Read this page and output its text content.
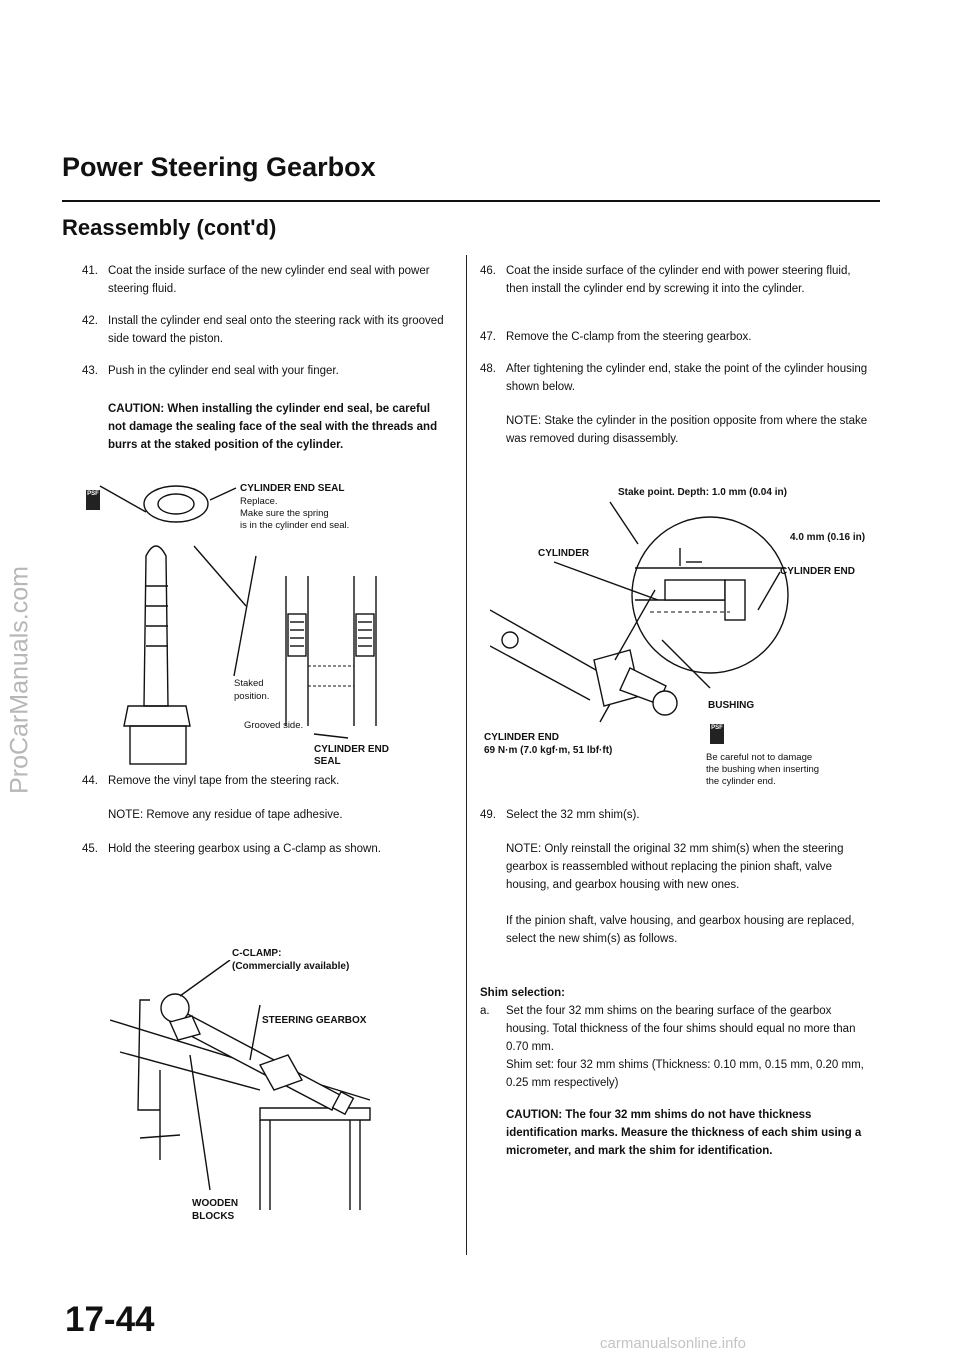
Power Steering Gearbox
Reassembly (cont'd)
ProCarManuals.com
41. Coat the inside surface of the new cylinder end seal with power steering fluid.
42. Install the cylinder end seal onto the steering rack with its grooved side toward the piston.
43. Push in the cylinder end seal with your finger.
CAUTION: When installing the cylinder end seal, be careful not damage the sealing face of the seal with the threads and burrs at the staked position of the cylinder.
PSF	CYLINDER END SEAL
Replace.
Make sure the spring
is in the cylinder end seal.
Staked
position.
Grooved side.
CYLINDER END
SEAL
44. Remove the vinyl tape from the steering rack.
NOTE: Remove any residue of tape adhesive.
45. Hold the steering gearbox using a C-clamp as shown.
C-CLAMP:
(Commercially available)
STEERING GEARBOX
WOODEN
BLOCKS
46. Coat the inside surface of the cylinder end with power steering fluid, then install the cylinder end by screwing it into the cylinder.
47. Remove the C-clamp from the steering gearbox.
48. After tightening the cylinder end, stake the point of the cylinder housing shown below.
NOTE: Stake the cylinder in the position opposite from where the stake was removed during disassembly.
Stake point. Depth: 1.0 mm (0.04 in)
CYLINDER
4.0 mm (0.16 in)
CYLINDER END
BUSHING
CYLINDER END
69 N·m (7.0 kgf·m, 51 lbf·ft)
PSF
Be careful not to damage
the bushing when inserting
the cylinder end.
49. Select the 32 mm shim(s).
NOTE: Only reinstall the original 32 mm shim(s) when the steering gearbox is reassembled without replacing the pinion shaft, valve housing, and gearbox housing with new ones.
If the pinion shaft, valve housing, and gearbox housing are replaced, select the new shim(s) as follows.
Shim selection:
a.	Set the four 32 mm shims on the bearing surface of the gearbox housing. Total thickness of the four shims should equal no more than 0.70 mm.
Shim set: four 32 mm shims (Thickness: 0.10 mm, 0.15 mm, 0.20 mm, 0.25 mm respectively)
CAUTION: The four 32 mm shims do not have thickness identification marks. Measure the thickness of each shim using a micrometer, and mark the shim for identification.
17-44
carmanualsonline.info
